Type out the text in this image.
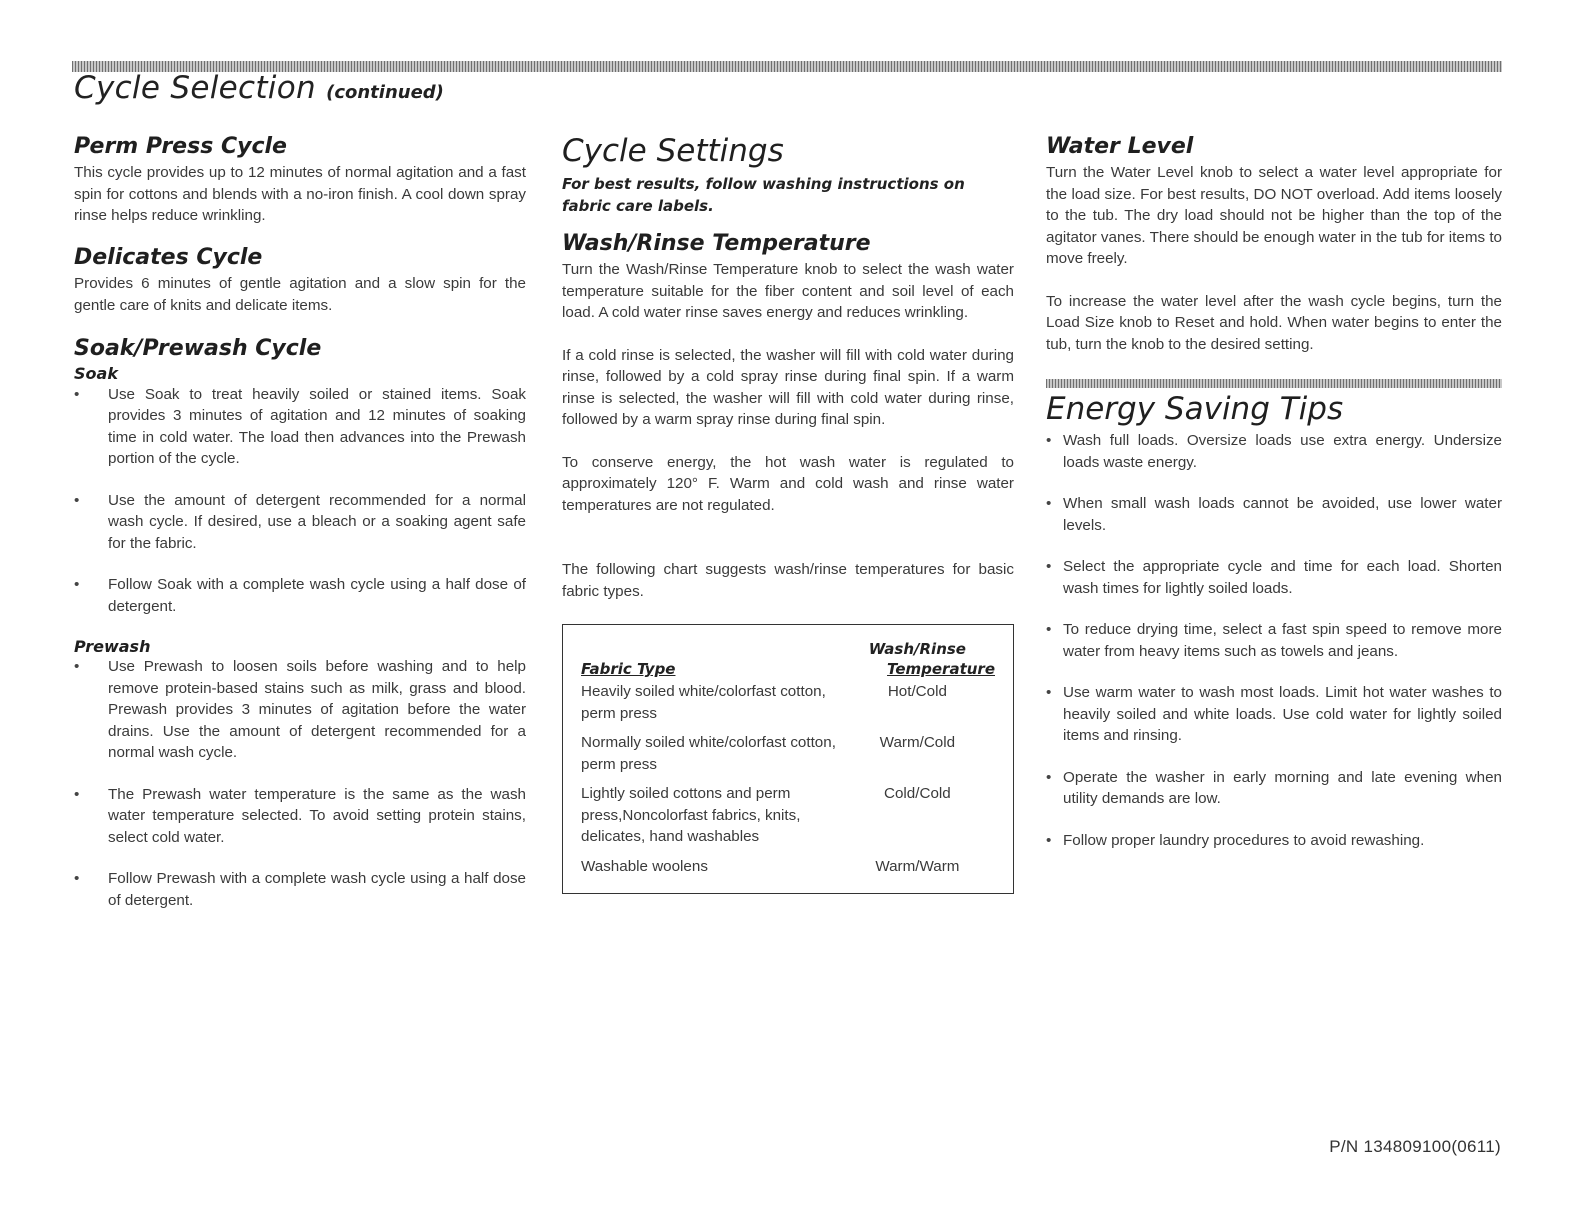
Cycle Selection (continued)
Perm Press Cycle

This cycle provides up to 12 minutes of normal agitation and a fast spin for cottons and blends with a no-iron finish. A cool down spray rinse helps reduce wrinkling.

Delicates Cycle

Provides 6 minutes of gentle agitation and a slow spin for the gentle care of knits and delicate items.

Soak/Prewash Cycle
Soak
• Use Soak to treat heavily soiled or stained items. Soak provides 3 minutes of agitation and 12 minutes of soaking time in cold water. The load then advances into the Prewash portion of the cycle.
• Use the amount of detergent recommended for a normal wash cycle. If desired, use a bleach or a soaking agent safe for the fabric.
• Follow Soak with a complete wash cycle using a half dose of detergent.
Prewash
• Use Prewash to loosen soils before washing and to help remove protein-based stains such as milk, grass and blood. Prewash provides 3 minutes of agitation before the water drains. Use the amount of detergent recommended for a normal wash cycle.
• The Prewash water temperature is the same as the wash water temperature selected. To avoid setting protein stains, select cold water.
• Follow Prewash with a complete wash cycle using a half dose of detergent.
Cycle Settings

For best results, follow washing instructions on fabric care labels.

Wash/Rinse Temperature

Turn the Wash/Rinse Temperature knob to select the wash water temperature suitable for the fiber content and soil level of each load. A cold water rinse saves energy and reduces wrinkling.

If a cold rinse is selected, the washer will fill with cold water during rinse, followed by a cold spray rinse during final spin. If a warm rinse is selected, the washer will fill with cold water during rinse, followed by a warm spray rinse during final spin.

To conserve energy, the hot wash water is regulated to approximately 120° F. Warm and cold wash and rinse water temperatures are not regulated.

The following chart suggests wash/rinse temperatures for basic fabric types.

Fabric Type	Wash/Rinse
Temperature
Heavily soiled white/colorfast cotton, perm press	Hot/Cold
Normally soiled white/colorfast cotton, perm press	Warm/Cold
Lightly soiled cottons and perm press,Noncolorfast fabrics, knits, delicates, hand washables	Cold/Cold
Washable woolens	Warm/Warm
Water Level

Turn the Water Level knob to select a water level appropriate for the load size. For best results, DO NOT overload. Add items loosely to the tub. The dry load should not be higher than the top of the agitator vanes. There should be enough water in the tub for items to move freely.

To increase the water level after the wash cycle begins, turn the Load Size knob to Reset and hold. When water begins to enter the tub, turn the knob to the desired setting.

Energy Saving Tips
• Wash full loads. Oversize loads use extra energy. Undersize loads waste energy.
• When small wash loads cannot be avoided, use lower water levels.
• Select the appropriate cycle and time for each load. Shorten wash times for lightly soiled loads.
• To reduce drying time, select a fast spin speed to remove more water from heavy items such as towels and jeans.
• Use warm water to wash most loads. Limit hot water washes to heavily soiled and white loads. Use cold water for lightly soiled items and rinsing.
• Operate the washer in early morning and late evening when utility demands are low.
• Follow proper laundry procedures to avoid rewashing.
P/N 134809100(0611)
